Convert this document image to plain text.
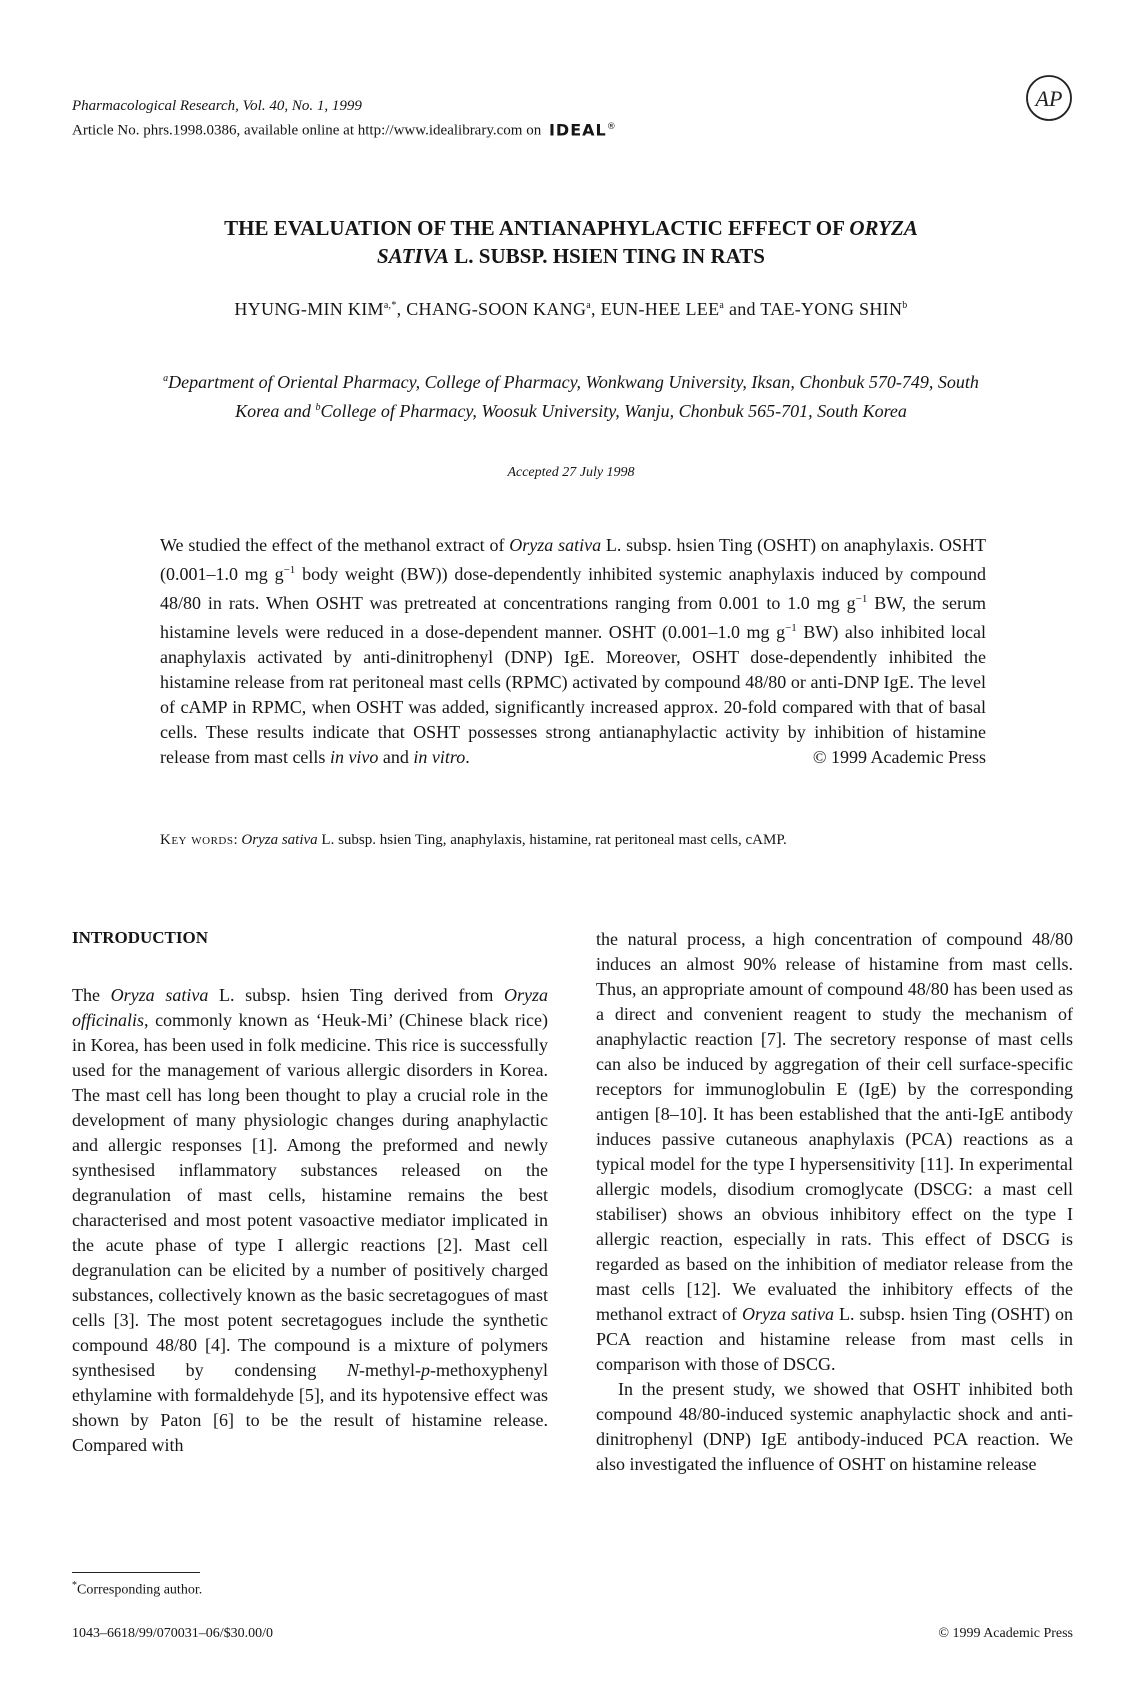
Pharmacological Research, Vol. 40, No. 1, 1999
Article No. phrs.1998.0386, available online at http://www.idealibrary.com on IDEAL®
AP
THE EVALUATION OF THE ANTIANAPHYLACTIC EFFECT OF ORYZA
SATIVA L. SUBSP. HSIEN TING IN RATS
HYUNG-MIN $KIM^{a,*}$, CHANG-SOON KANG$^a$, EUN-HEE LEE$^a$ and TAE-YONG SHIN$^b$
$^a$Department of Oriental Pharmacy, College of Pharmacy, Wonkwang University, Iksan, Chonbuk 570-749, South Korea and $^b$College of Pharmacy, Woosuk University, Wanju, Chonbuk 565-701, South Korea
Accepted 27 July 1998
We studied the effect of the methanol extract of Oryza sativa L. subsp. hsien Ting (OSHT) on anaphylaxis. OSHT (0.001–1.0 mg $g^{-1}$ body weight (BW)) dose-dependently inhibited systemic anaphylaxis induced by compound 48/80 in rats. When OSHT was pretreated at concentrations ranging from 0.001 to 1.0 mg $g^{-1}$ BW, the serum histamine levels were reduced in a dose-dependent manner. OSHT (0.001–1.0 mg $g^{-1}$ BW) also inhibited local anaphylaxis activated by anti-dinitrophenyl (DNP) IgE. Moreover, OSHT dose-dependently inhibited the histamine release from rat peritoneal mast cells (RPMC) activated by compound 48/80 or anti-DNP IgE. The level of cAMP in RPMC, when OSHT was added, significantly increased approx. 20-fold compared with that of basal cells. These results indicate that OSHT possesses strong antianaphylactic activity by inhibition of histamine release from mast cells in vivo and in vitro.	© 1999 Academic Press
Key words: Oryza sativa L. subsp. hsien Ting, anaphylaxis, histamine, rat peritoneal mast cells, cAMP.
INTRODUCTION

The Oryza sativa L. subsp. hsien Ting derived from Oryza officinalis, commonly known as ‘Heuk-Mi’ (Chinese black rice) in Korea, has been used in folk medicine. This rice is successfully used for the management of various allergic disorders in Korea. The mast cell has long been thought to play a crucial role in the development of many physiologic changes during anaphylactic and allergic responses [1]. Among the preformed and newly synthesised inflammatory substances released on the degranulation of mast cells, histamine remains the best characterised and most potent vasoactive mediator implicated in the acute phase of type I allergic reactions [2]. Mast cell degranulation can be elicited by a number of positively charged substances, collectively known as the basic secretagogues of mast cells [3]. The most potent secretagogues include the synthetic compound 48/80 [4]. The compound is a mixture of polymers synthesised by condensing N-methyl-p-methoxyphenyl ethylamine with formaldehyde [5], and its hypotensive effect was shown by Paton [6] to be the result of histamine release. Compared with

the natural process, a high concentration of compound 48/80 induces an almost 90% release of histamine from mast cells. Thus, an appropriate amount of compound 48/80 has been used as a direct and convenient reagent to study the mechanism of anaphylactic reaction [7]. The secretory response of mast cells can also be induced by aggregation of their cell surface-specific receptors for immunoglobulin E (IgE) by the corresponding antigen [8–10]. It has been established that the anti-IgE antibody induces passive cutaneous anaphylaxis (PCA) reactions as a typical model for the type I hypersensitivity [11]. In experimental allergic models, disodium cromoglycate (DSCG: a mast cell stabiliser) shows an obvious inhibitory effect on the type I allergic reaction, especially in rats. This effect of DSCG is regarded as based on the inhibition of mediator release from the mast cells [12]. We evaluated the inhibitory effects of the methanol extract of Oryza sativa L. subsp. hsien Ting (OSHT) on PCA reaction and histamine release from mast cells in comparison with those of DSCG.

In the present study, we showed that OSHT inhibited both compound 48/80-induced systemic anaphylactic shock and anti-dinitrophenyl (DNP) IgE antibody-induced PCA reaction. We also investigated the influence of OSHT on histamine release

*Corresponding author.
1043–6618/99/070031–06/$30.00/0	© 1999 Academic Press
